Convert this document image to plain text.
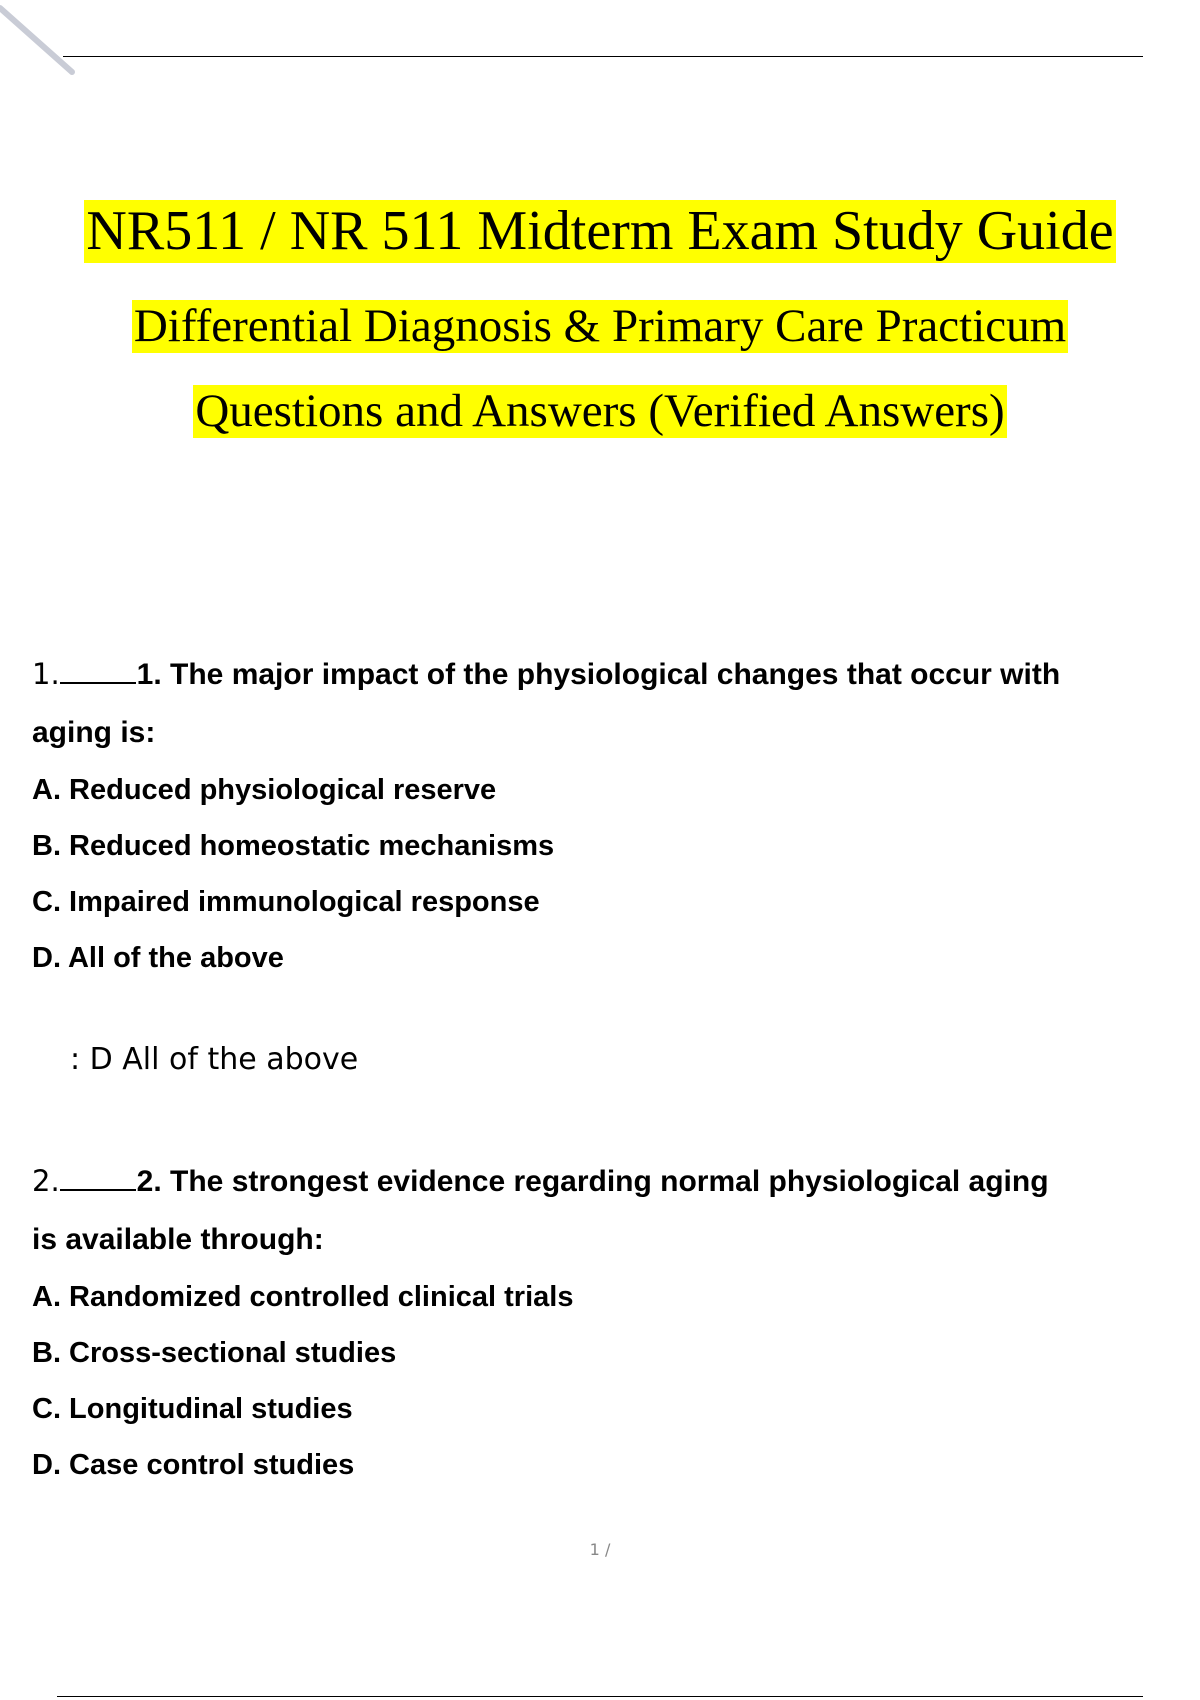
NR511 / NR 511 Midterm Exam Study Guide
Differential Diagnosis & Primary Care Practicum
Questions and Answers (Verified Answers)
1.	1. The major impact of the physiological changes that occur with
aging is:
A. Reduced physiological reserve
B. Reduced homeostatic mechanisms
C. Impaired immunological response
D. All of the above
: D All of the above
2.	2. The strongest evidence regarding normal physiological aging
is available through:
A. Randomized controlled clinical trials
B. Cross-sectional studies
C. Longitudinal studies
D. Case control studies
1 /
